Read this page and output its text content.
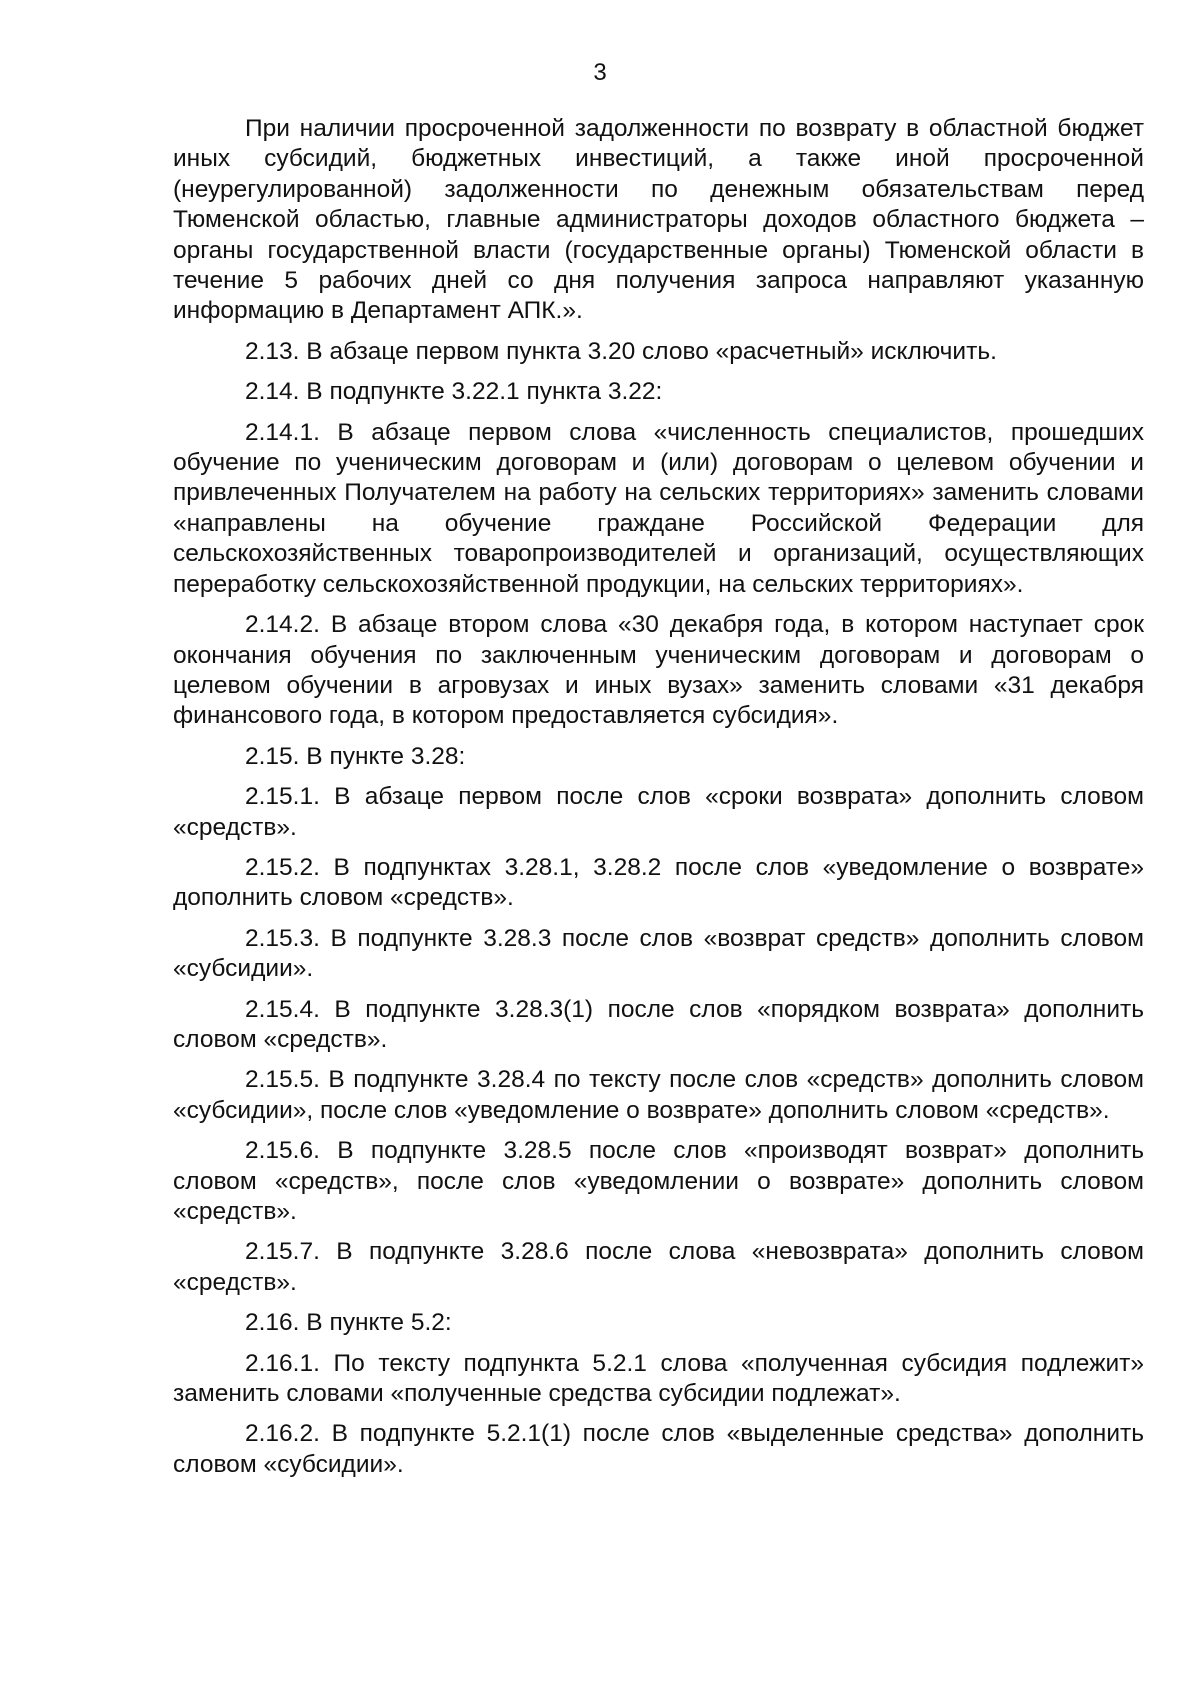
3

При наличии просроченной задолженности по возврату в областной бюджет иных субсидий, бюджетных инвестиций, а также иной просроченной (неурегулированной) задолженности по денежным обязательствам перед Тюменской областью, главные администраторы доходов областного бюджета – органы государственной власти (государственные органы) Тюменской области в течение 5 рабочих дней со дня получения запроса направляют указанную информацию в Департамент АПК.».

2.13. В абзаце первом пункта 3.20 слово «расчетный» исключить.

2.14. В подпункте 3.22.1 пункта 3.22:

2.14.1. В абзаце первом слова «численность специалистов, прошедших обучение по ученическим договорам и (или) договорам о целевом обучении и привлеченных Получателем на работу на сельских территориях» заменить словами «направлены на обучение граждане Российской Федерации для сельскохозяйственных товаропроизводителей и организаций, осуществляющих переработку сельскохозяйственной продукции, на сельских территориях».

2.14.2. В абзаце втором слова «30 декабря года, в котором наступает срок окончания обучения по заключенным ученическим договорам и договорам о целевом обучении в агровузах и иных вузах» заменить словами «31 декабря финансового года, в котором предоставляется субсидия».

2.15. В пункте 3.28:

2.15.1. В абзаце первом после слов «сроки возврата» дополнить словом «средств».

2.15.2. В подпунктах 3.28.1, 3.28.2 после слов «уведомление о возврате» дополнить словом «средств».

2.15.3. В подпункте 3.28.3 после слов «возврат средств» дополнить словом «субсидии».

2.15.4. В подпункте 3.28.3(1) после слов «порядком возврата» дополнить словом «средств».

2.15.5. В подпункте 3.28.4 по тексту после слов «средств» дополнить словом «субсидии», после слов «уведомление о возврате» дополнить словом «средств».

2.15.6. В подпункте 3.28.5 после слов «производят возврат» дополнить словом «средств», после слов «уведомлении о возврате» дополнить словом «средств».

2.15.7. В подпункте 3.28.6 после слова «невозврата» дополнить словом «средств».

2.16. В пункте 5.2:

2.16.1. По тексту подпункта 5.2.1 слова «полученная субсидия подлежит» заменить словами «полученные средства субсидии подлежат».

2.16.2. В подпункте 5.2.1(1) после слов «выделенные средства» дополнить словом «субсидии».
